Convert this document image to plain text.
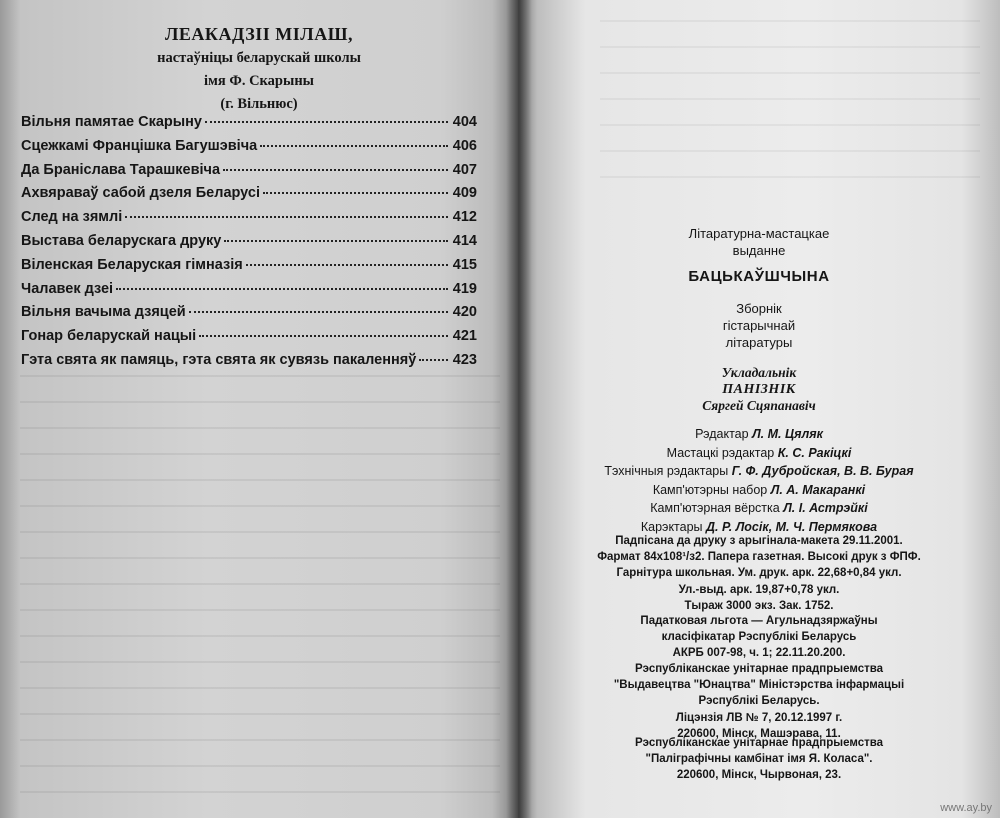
ЛЕАКАДЗІІ МІЛАШ,
настаўніцы беларускай школы
імя Ф. Скарыны
(г. Вільнюс)
Вільня памятае Скарыну	404
Сцежкамі Францішка Багушэвіча	406
Да Браніслава Тарашкевіча	407
Ахвяраваў сабой дзеля Беларусі	409
След на зямлі	412
Выстава беларускага друку	414
Віленская Беларуская гімназія	415
Чалавек дзеі	419
Вільня вачыма дзяцей	420
Гонар беларускай нацыі	421
Гэта свята як памяць, гэта свята як сувязь пакаленняў	423
Літаратурна-мастацкае
выданне
БАЦЬКАЎШЧЫНА
Зборнік
гістарычнай
літаратуры
Укладальнік
ПАНІЗНІК
Сяргей Сцяпанавіч
Рэдактар Л. М. Цяляк
Мастацкі рэдактар К. С. Ракіцкі
Тэхнічныя рэдактары Г. Ф. Дубройская, В. В. Бурая
Камп'ютэрны набор Л. А. Макаранкі
Камп'ютэрная вёрстка Л. І. Астрэйкі
Карэктары Д. Р. Лосік, М. Ч. Пермякова
Падпісана да друку з арыгінала-макета 29.11.2001.
Фармат 84x108¹/з2. Папера газетная. Высокі друк з ФПФ.
Гарнітура школьная. Ум. друк. арк. 22,68+0,84 укл.
Ул.-выд. арк. 19,87+0,78 укл.
Тыраж 3000 экз. Зак. 1752.
Падатковая льгота — Агульнадзяржаўны
класіфікатар Рэспублікі Беларусь
АКРБ 007-98, ч. 1; 22.11.20.200.
Рэспубліканскае унітарнае прадпрыемства
"Выдавецтва "Юнацтва" Міністэрства інфармацыі
Рэспублікі Беларусь.
Ліцэнзія ЛВ № 7, 20.12.1997 г.
220600, Мінск, Машэрава, 11.
Рэспубліканскае унітарнае прадпрыемства
"Паліграфічны камбінат імя Я. Коласа".
220600, Мінск, Чырвоная, 23.
www.ay.by
